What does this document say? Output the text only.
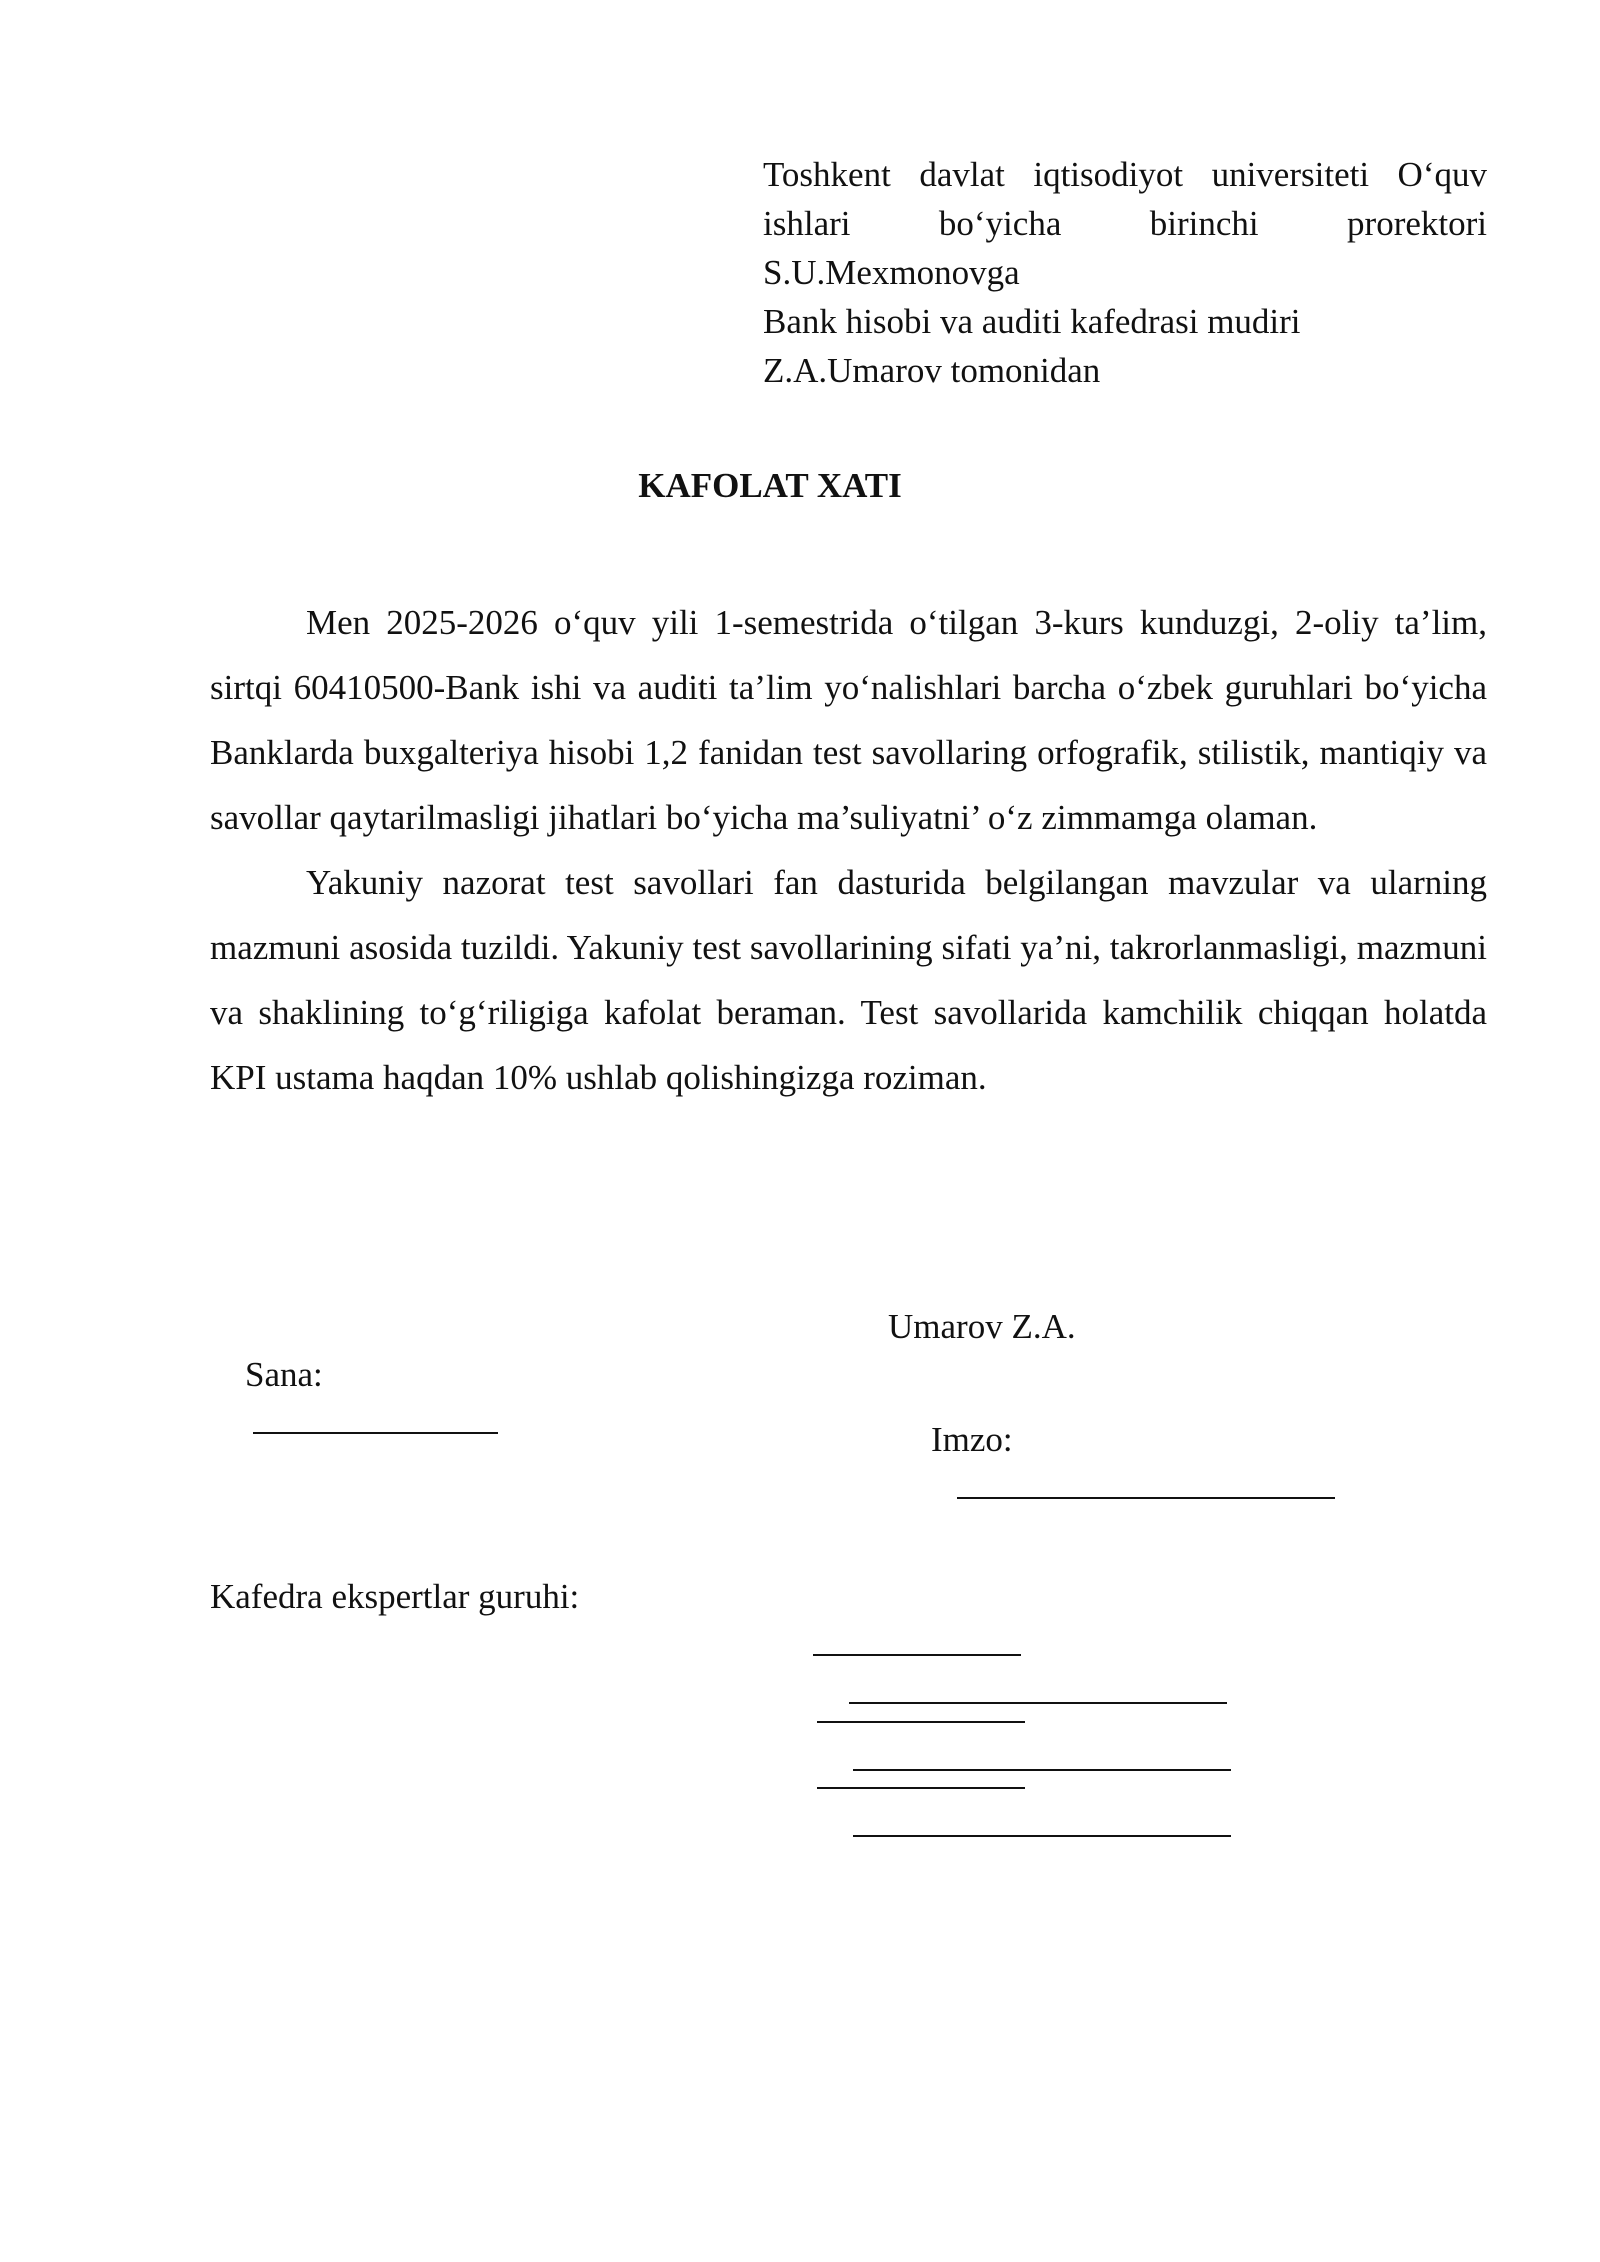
Toshkent davlat iqtisodiyot universiteti O‘quv
ishlari bo‘yicha birinchi prorektori
S.U.Mexmonovga
Bank hisobi va auditi kafedrasi mudiri
Z.A.Umarov tomonidan
KAFOLAT XATI

Men 2025-2026 o‘quv yili 1-semestrida o‘tilgan 3-kurs kunduzgi, 2-oliy ta’lim, sirtqi 60410500-Bank ishi va auditi ta’lim yo‘nalishlari barcha o‘zbek guruhlari bo‘yicha Banklarda buxgalteriya hisobi 1,2 fanidan test savollaring orfografik, stilistik, mantiqiy va savollar qaytarilmasligi jihatlari bo‘yicha ma’suliyatni’ o‘z zimmamga olaman.

Yakuniy nazorat test savollari fan dasturida belgilangan mavzular va ularning mazmuni asosida tuzildi. Yakuniy test savollarining sifati ya’ni, takrorlanmasligi, mazmuni va shaklining to‘g‘riligiga kafolat beraman. Test savollarida kamchilik chiqqan holatda KPI ustama haqdan 10% ushlab qolishingizga roziman.

Sana:

Umarov Z.A.

Imzo:

Kafedra ekspertlar guruhi:
